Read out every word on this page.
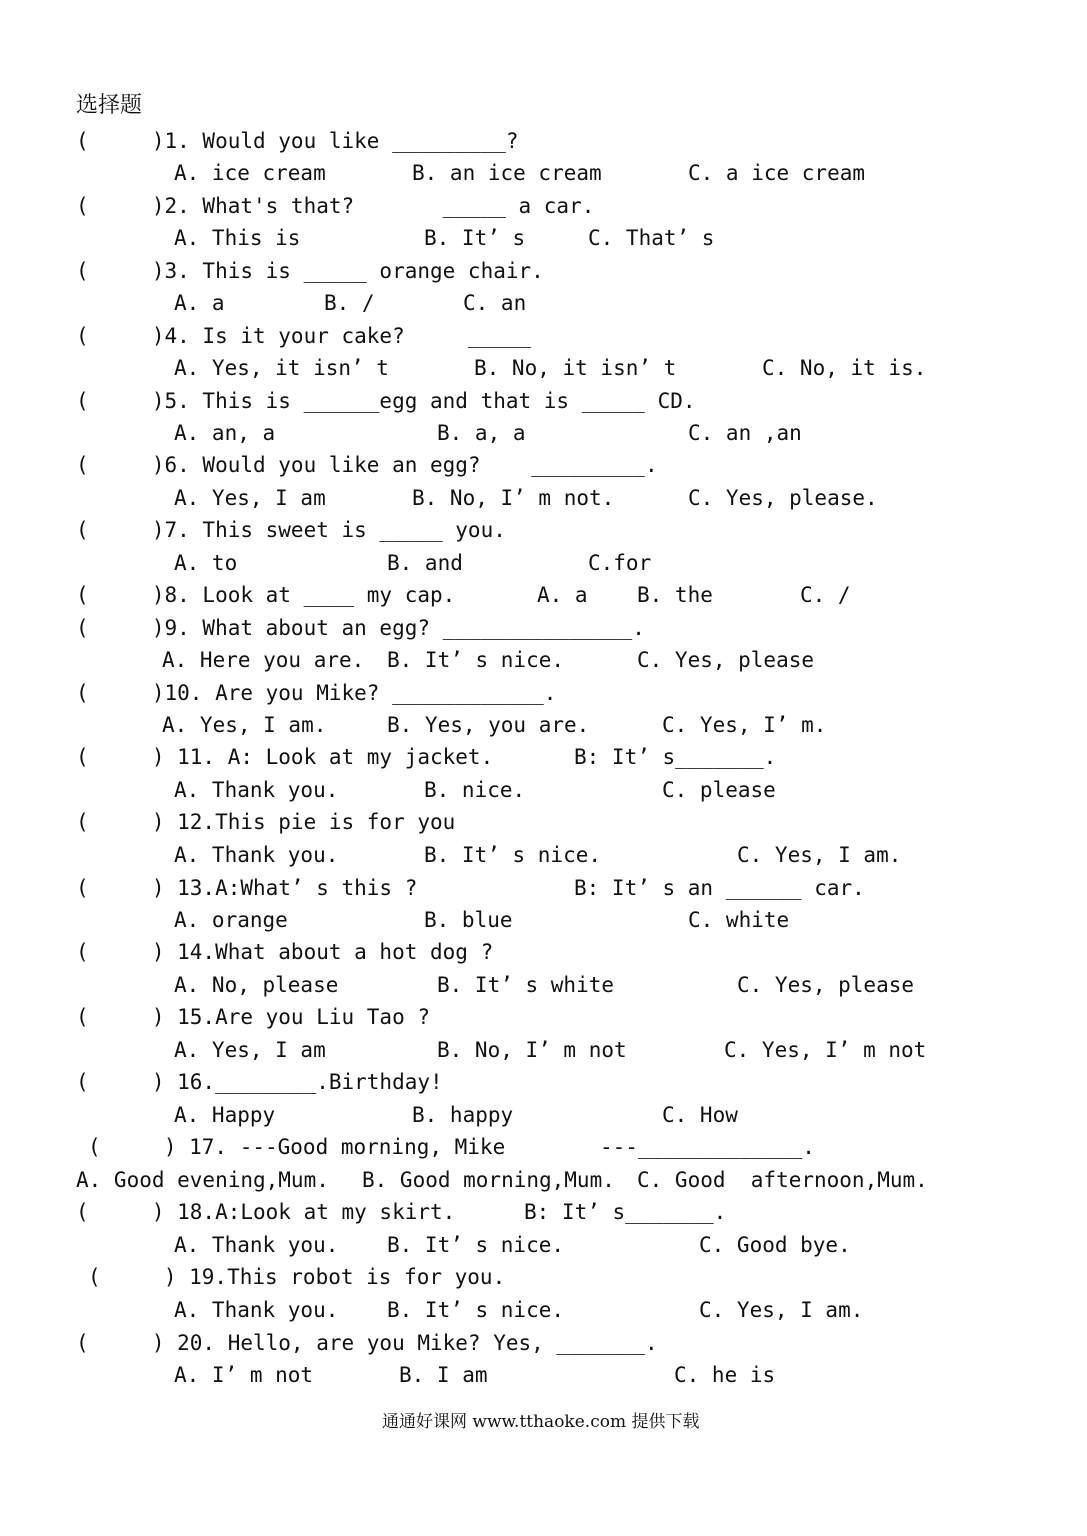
选择题
(     )1. Would you like _________?
A. ice cream	B. an ice cream	C. a ice cream
(     )2. What's that?       _____ a car.
A. This is	B. It’ s	C. That’ s
(     )3. This is _____ orange chair.
A. a	B. /	C. an
(     )4. Is it your cake?     _____
A. Yes, it isn’ t	B. No, it isn’ t	C. No, it is.
(     )5. This is ______egg and that is _____ CD.
A. an, a	B. a, a	C. an ,an
(     )6. Would you like an egg?    _________.
A. Yes, I am	B. No, I’ m not.	C. Yes, please.
(     )7. This sweet is _____ you.
A. to	B. and	C.for
(     )8. Look at ____ my cap.	A. a B. the	C. /
(     )9. What about an egg? _______________.
A. Here you are. B. It’ s nice.	C. Yes, please
(     )10. Are you Mike? ____________.
A. Yes, I am.	B. Yes, you are.	C. Yes, I’ m.
(     ) 11. A: Look at my jacket.	B: It’ s_______.
A. Thank you.	B. nice.	C. please
(     ) 12.This pie is for you
A. Thank you.	B. It’ s nice.	C. Yes, I am.
(     ) 13.A:What’ s this ?	B: It’ s an ______ car.
A. orange	B. blue	C. white
(     ) 14.What about a hot dog ?
A. No, please	B. It’ s white	C. Yes, please
(     ) 15.Are you Liu Tao ?
A. Yes, I am	B. No, I’ m not	C. Yes, I’ m not
(     ) 16.________.Birthday!
A. Happy	B. happy	C. How
(     ) 17. ---Good morning, Mike	---_____________.
A. Good evening,Mum. B. Good morning,Mum. C. Good  afternoon,Mum.
(     ) 18.A:Look at my skirt.	B: It’ s_______.
A. Thank you. B. It’ s nice.	C. Good bye.
(     ) 19.This robot is for you.
A. Thank you. B. It’ s nice.	C. Yes, I am.
(     ) 20. Hello, are you Mike? Yes, _______.
A. I’ m not	B. I am	C. he is
通通好课网 www.tthaoke.com 提供下载
